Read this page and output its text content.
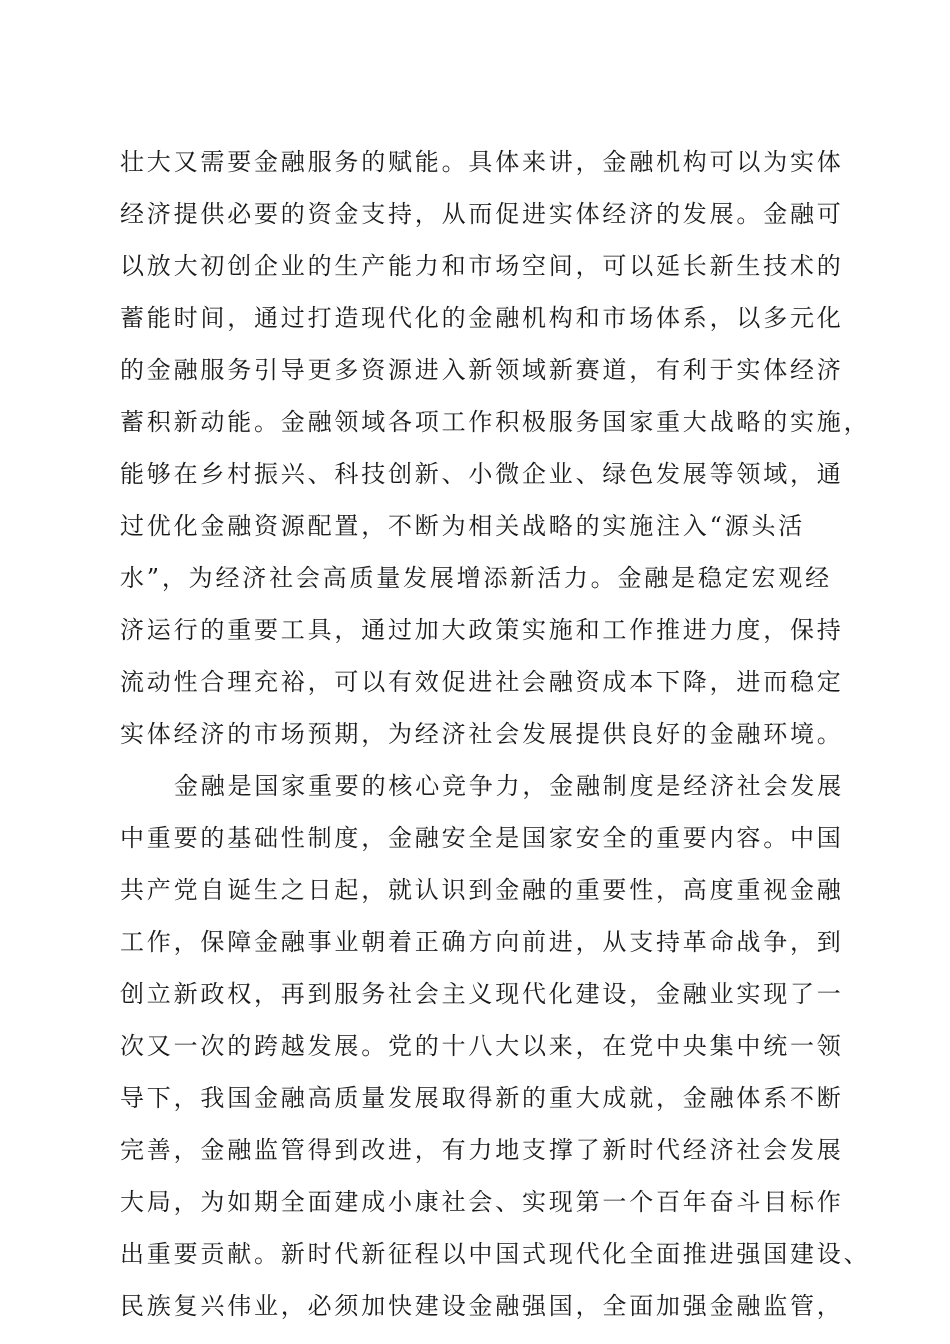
壮大又需要金融服务的赋能。具体来讲，金融机构可以为实体
经济提供必要的资金支持，从而促进实体经济的发展。金融可
以放大初创企业的生产能力和市场空间，可以延长新生技术的
蓄能时间，通过打造现代化的金融机构和市场体系，以多元化
的金融服务引导更多资源进入新领域新赛道，有利于实体经济
蓄积新动能。金融领域各项工作积极服务国家重大战略的实施，
能够在乡村振兴、科技创新、小微企业、绿色发展等领域，通
过优化金融资源配置，不断为相关战略的实施注入“源头活
水”，为经济社会高质量发展增添新活力。金融是稳定宏观经
济运行的重要工具，通过加大政策实施和工作推进力度，保持
流动性合理充裕，可以有效促进社会融资成本下降，进而稳定
实体经济的市场预期，为经济社会发展提供良好的金融环境。
金融是国家重要的核心竞争力，金融制度是经济社会发展
中重要的基础性制度，金融安全是国家安全的重要内容。中国
共产党自诞生之日起，就认识到金融的重要性，高度重视金融
工作，保障金融事业朝着正确方向前进，从支持革命战争，到
创立新政权，再到服务社会主义现代化建设，金融业实现了一
次又一次的跨越发展。党的十八大以来，在党中央集中统一领
导下，我国金融高质量发展取得新的重大成就，金融体系不断
完善，金融监管得到改进，有力地支撑了新时代经济社会发展
大局，为如期全面建成小康社会、实现第一个百年奋斗目标作
出重要贡献。新时代新征程以中国式现代化全面推进强国建设、
民族复兴伟业，必须加快建设金融强国，全面加强金融监管，
